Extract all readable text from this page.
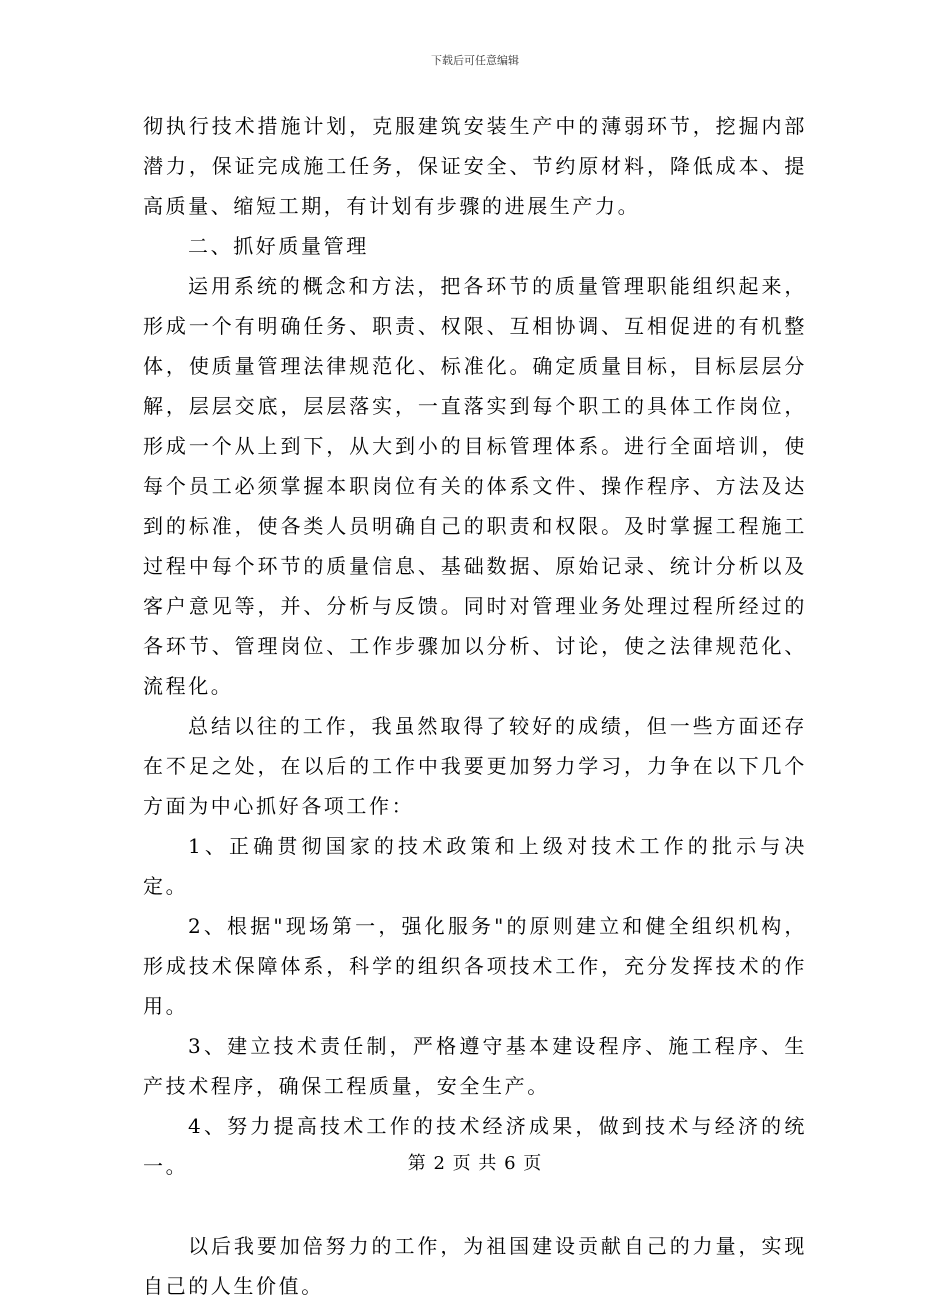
下载后可任意编辑

彻执行技术措施计划，克服建筑安装生产中的薄弱环节，挖掘内部潜力，保证完成施工任务，保证安全、节约原材料，降低成本、提高质量、缩短工期，有计划有步骤的进展生产力。

二、抓好质量管理

运用系统的概念和方法，把各环节的质量管理职能组织起来，形成一个有明确任务、职责、权限、互相协调、互相促进的有机整体，使质量管理法律规范化、标准化。确定质量目标，目标层层分解，层层交底，层层落实，一直落实到每个职工的具体工作岗位，形成一个从上到下，从大到小的目标管理体系。进行全面培训，使每个员工必须掌握本职岗位有关的体系文件、操作程序、方法及达到的标准，使各类人员明确自己的职责和权限。及时掌握工程施工过程中每个环节的质量信息、基础数据、原始记录、统计分析以及客户意见等，并、分析与反馈。同时对管理业务处理过程所经过的各环节、管理岗位、工作步骤加以分析、讨论，使之法律规范化、流程化。

总结以往的工作，我虽然取得了较好的成绩，但一些方面还存在不足之处，在以后的工作中我要更加努力学习，力争在以下几个方面为中心抓好各项工作：

1、正确贯彻国家的技术政策和上级对技术工作的批示与决定。

2、根据"现场第一，强化服务"的原则建立和健全组织机构，形成技术保障体系，科学的组织各项技术工作，充分发挥技术的作用。

3、建立技术责任制，严格遵守基本建设程序、施工程序、生产技术程序，确保工程质量，安全生产。

4、努力提高技术工作的技术经济成果，做到技术与经济的统一。

以后我要加倍努力的工作，为祖国建设贡献自己的力量，实现自己的人生价值。

第 2 页 共 6 页
